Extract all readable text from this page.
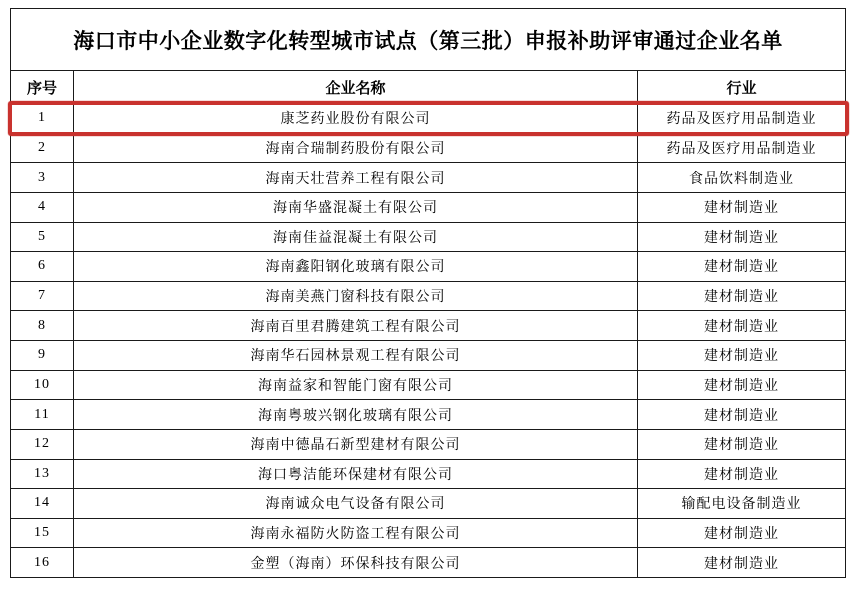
海口市中小企业数字化转型城市试点（第三批）申报补助评审通过企业名单		
序号	企业名称	行业
1	康芝药业股份有限公司	药品及医疗用品制造业
2	海南合瑞制药股份有限公司	药品及医疗用品制造业
3	海南天壮营养工程有限公司	食品饮料制造业
4	海南华盛混凝土有限公司	建材制造业
5	海南佳益混凝土有限公司	建材制造业
6	海南鑫阳钢化玻璃有限公司	建材制造业
7	海南美燕门窗科技有限公司	建材制造业
8	海南百里君腾建筑工程有限公司	建材制造业
9	海南华石园林景观工程有限公司	建材制造业
10	海南益家和智能门窗有限公司	建材制造业
11	海南粤玻兴钢化玻璃有限公司	建材制造业
12	海南中德晶石新型建材有限公司	建材制造业
13	海口粤洁能环保建材有限公司	建材制造业
14	海南诚众电气设备有限公司	输配电设备制造业
15	海南永福防火防盗工程有限公司	建材制造业
16	金塑（海南）环保科技有限公司	建材制造业
